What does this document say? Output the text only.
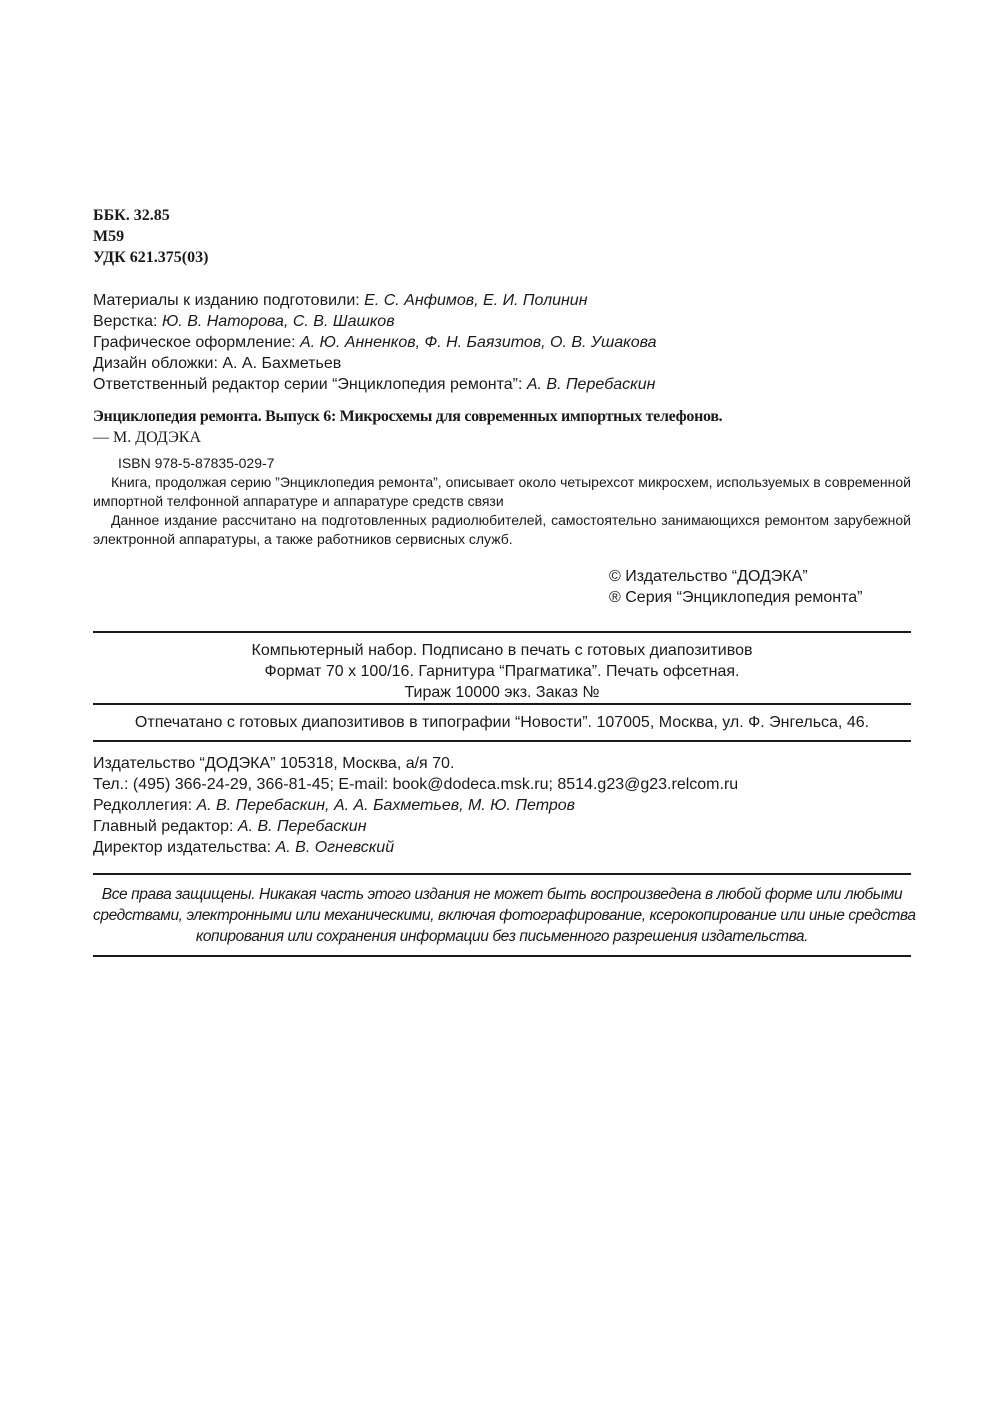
ББК. 32.85
М59
УДК 621.375(03)
Материалы к изданию подготовили: Е. С. Анфимов, Е. И. Полинин
Верстка: Ю. В. Наторова, С. В. Шашков
Графическое оформление: А. Ю. Анненков, Ф. Н. Баязитов, О. В. Ушакова
Дизайн обложки: А. А. Бахметьев
Ответственный редактор серии “Энциклопедия ремонта”: А. В. Перебаскин
Энциклопедия ремонта. Выпуск 6: Микросхемы для современных импортных телефонов.
— М. ДОДЭКА
ISBN 978-5-87835-029-7

Книга, продолжая серию ”Энциклопедия ремонта”, описывает около четырехсот микросхем, используемых в современной импортной телфонной аппаратуре и аппаратуре средств связи

Данное издание рассчитано на подготовленных радиолюбителей, самостоятельно занимающихся ремонтом зарубежной электронной аппаратуры, а также работников сервисных служб.

© Издательство “ДОДЭКА”
® Серия “Энциклопедия ремонта”
Компьютерный набор. Подписано в печать с готовых диапозитивов
Формат 70 х 100/16. Гарнитура “Прагматика”. Печать офсетная.
Тираж 10000 экз. Заказ №
Отпечатано с готовых диапозитивов в типографии “Новости”. 107005, Москва, ул. Ф. Энгельса, 46.
Издательство “ДОДЭКА” 105318, Москва, а/я 70.
Тел.: (495) 366-24-29, 366-81-45; E-mail: book@dodeca.msk.ru; 8514.g23@g23.relcom.ru
Редколлегия: А. В. Перебаскин, А. А. Бахметьев, М. Ю. Петров
Главный редактор: А. В. Перебаскин
Директор издательства: А. В. Огневский
Все права защищены. Никакая часть этого издания не может быть воспроизведена в любой форме или любыми
средствами, электронными или механическими, включая фотографирование, ксерокопирование или иные средства
копирования или сохранения информации без письменного разрешения издательства.
